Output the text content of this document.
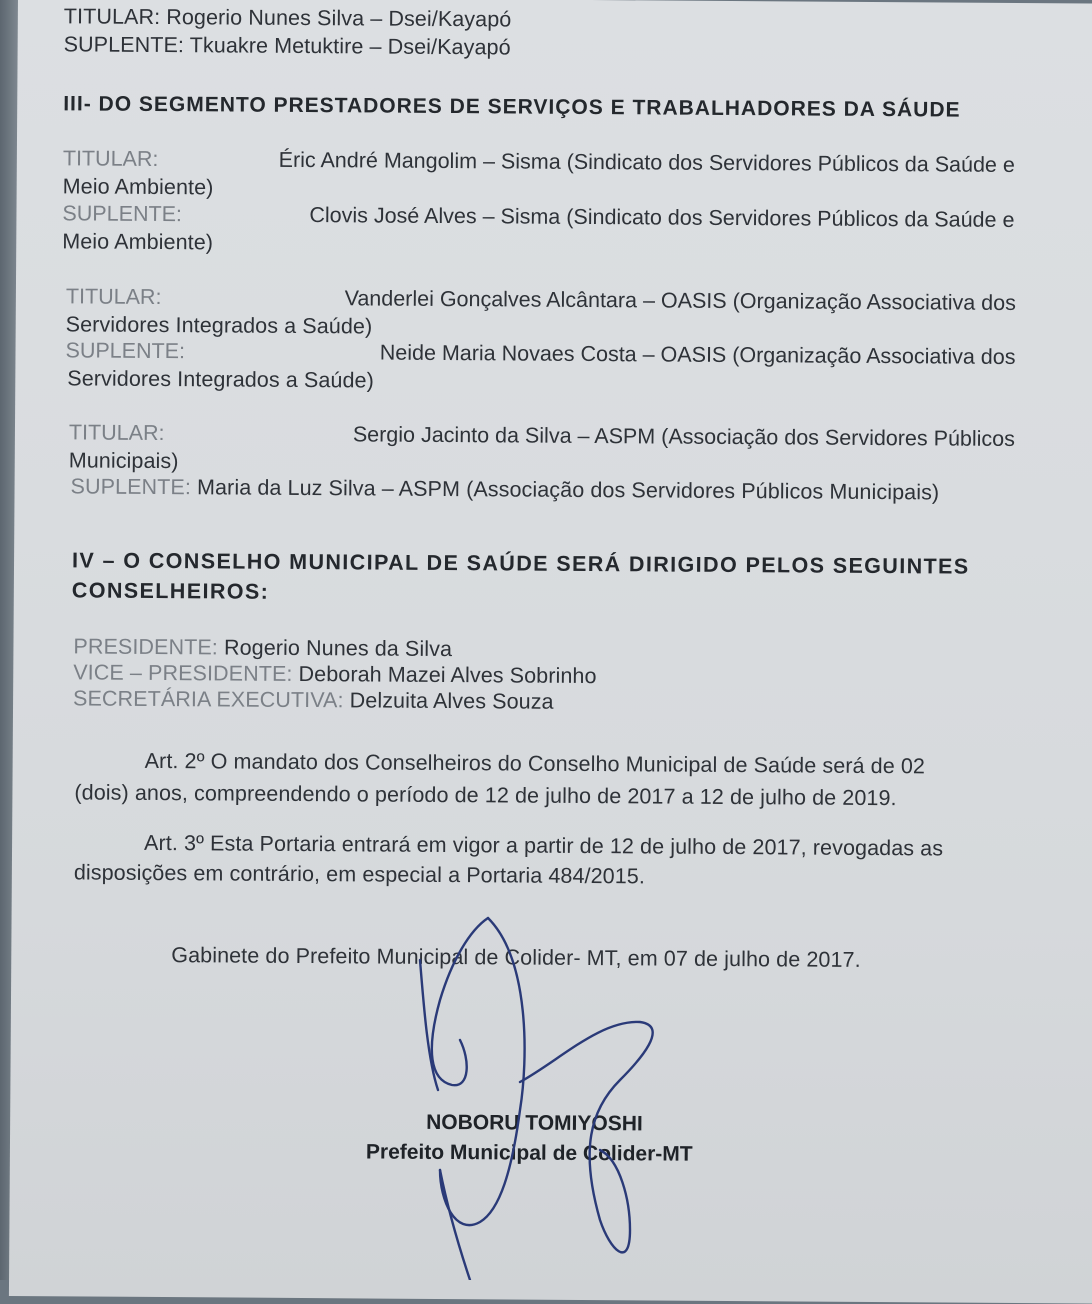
TITULAR: Rogerio Nunes Silva – Dsei/Kayapó
SUPLENTE: Tkuakre Metuktire – Dsei/Kayapó
III- DO SEGMENTO PRESTADORES DE SERVIÇOS E TRABALHADORES DA SÁUDE
TITULAR:	Éric André Mangolim – Sisma (Sindicato dos Servidores Públicos da Saúde e
Meio Ambiente)
SUPLENTE:	Clovis José Alves – Sisma (Sindicato dos Servidores Públicos da Saúde e
Meio Ambiente)
TITULAR:	Vanderlei Gonçalves Alcântara – OASIS (Organização Associativa dos
Servidores Integrados a Saúde)
SUPLENTE:	Neide Maria Novaes Costa – OASIS (Organização Associativa dos
Servidores Integrados a Saúde)
TITULAR:	Sergio Jacinto da Silva – ASPM (Associação dos Servidores Públicos
Municipais)
SUPLENTE: Maria da Luz Silva – ASPM (Associação dos Servidores Públicos Municipais)
IV – O CONSELHO MUNICIPAL DE SAÚDE SERÁ DIRIGIDO PELOS SEGUINTES
CONSELHEIROS:
PRESIDENTE: Rogerio Nunes da Silva
VICE – PRESIDENTE: Deborah Mazei Alves Sobrinho
SECRETÁRIA EXECUTIVA: Delzuita Alves Souza
Art. 2º O mandato dos Conselheiros do Conselho Municipal de Saúde será de 02
(dois) anos, compreendendo o período de 12 de julho de 2017 a 12 de julho de 2019.
Art. 3º Esta Portaria entrará em vigor a partir de 12 de julho de 2017, revogadas as
disposições em contrário, em especial a Portaria 484/2015.
Gabinete do Prefeito Municipal de Colider- MT, em 07 de julho de 2017.
NOBORU TOMIYOSHI
Prefeito Municipal de Colider-MT
